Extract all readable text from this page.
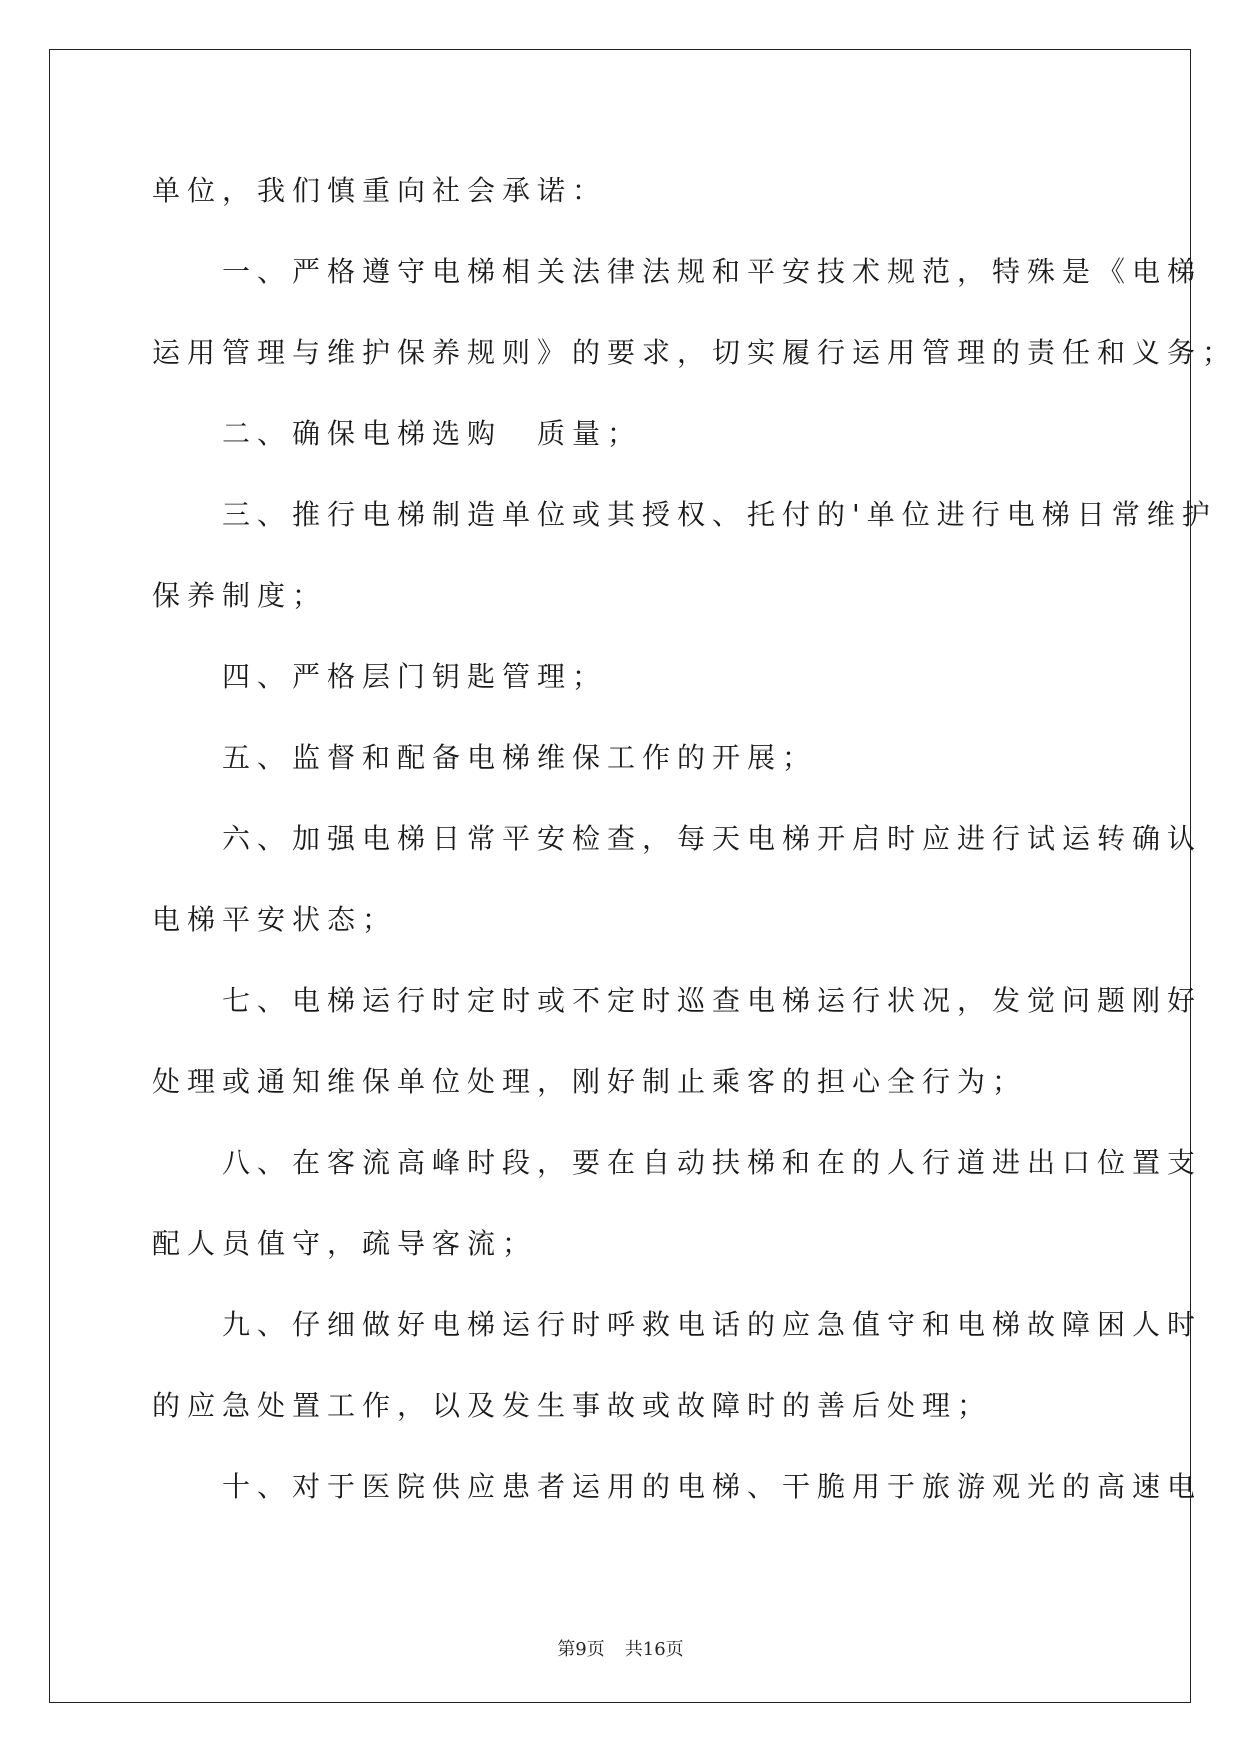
单位，我们慎重向社会承诺：
　　一、严格遵守电梯相关法律法规和平安技术规范，特殊是《电梯
运用管理与维护保养规则》的要求，切实履行运用管理的责任和义务；
　　二、确保电梯选购　质量；
　　三、推行电梯制造单位或其授权、托付的'单位进行电梯日常维护
保养制度；
　　四、严格层门钥匙管理；
　　五、监督和配备电梯维保工作的开展；
　　六、加强电梯日常平安检查，每天电梯开启时应进行试运转确认
电梯平安状态；
　　七、电梯运行时定时或不定时巡查电梯运行状况，发觉问题刚好
处理或通知维保单位处理，刚好制止乘客的担心全行为；
　　八、在客流高峰时段，要在自动扶梯和在的人行道进出口位置支
配人员值守，疏导客流；
　　九、仔细做好电梯运行时呼救电话的应急值守和电梯故障困人时
的应急处置工作，以及发生事故或故障时的善后处理；
　　十、对于医院供应患者运用的电梯、干脆用于旅游观光的高速电
第9页 共16页
